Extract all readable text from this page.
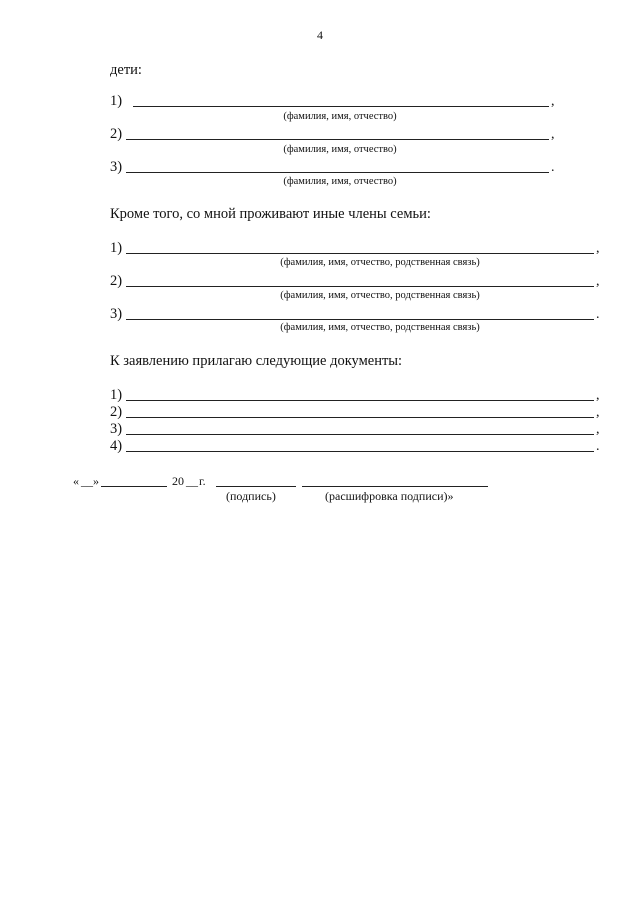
4
дети:
1)	,
(фамилия, имя, отчество)
2)	,
(фамилия, имя, отчество)
3)	.
(фамилия, имя, отчество)
Кроме того, со мной проживают иные члены семьи:
1)	,
(фамилия, имя, отчество, родственная связь)
2)	,
(фамилия, имя, отчество, родственная связь)
3)	.
(фамилия, имя, отчество, родственная связь)
К заявлению прилагаю следующие документы:
1)	,
2)	,
3)	,
4)	.
« __ »	20 __ г.
(подпись)	(расшифровка подписи)»
